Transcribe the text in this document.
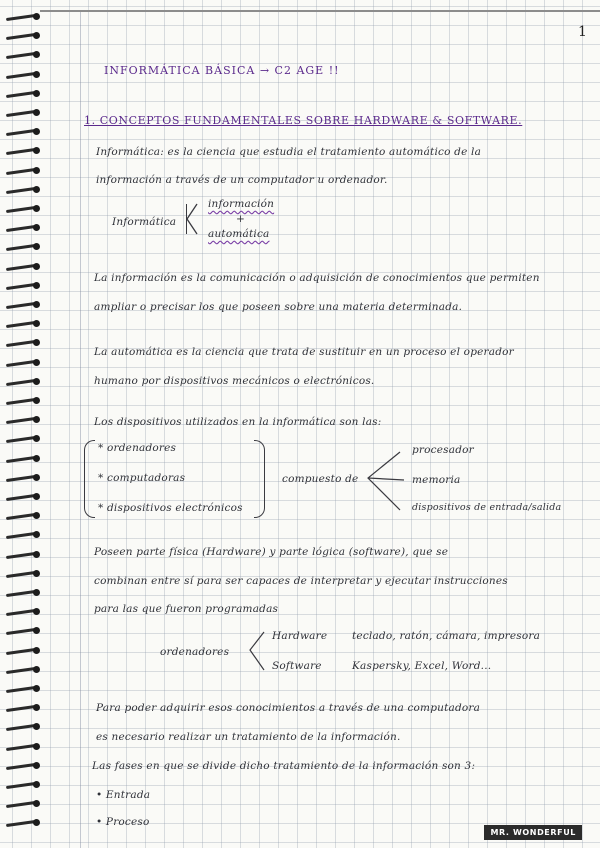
1
INFORMÁTICA BÁSICA → C2 AGE !!
1. CONCEPTOS FUNDAMENTALES SOBRE HARDWARE & SOFTWARE.
Informática: es la ciencia que estudia el tratamiento automático de la
información a través de un computador u ordenador.
Informática
información
+
automática
La información es la comunicación o adquisición de conocimientos que permiten
ampliar o precisar los que poseen sobre una materia determinada.
La automática es la ciencia que trata de sustituir en un proceso el operador
humano por dispositivos mecánicos o electrónicos.
Los dispositivos utilizados en la informática son las:
* ordenadores
* computadoras
* dispositivos electrónicos
compuesto de
procesador
memoria
dispositivos de entrada/salida
Poseen parte física (Hardware) y parte lógica (software), que se
combinan entre sí para ser capaces de interpretar y ejecutar instrucciones
para las que fueron programadas
ordenadores
Hardware teclado, ratón, cámara, impresora
Software	Kaspersky, Excel, Word...
Para poder adquirir esos conocimientos a través de una computadora
es necesario realizar un tratamiento de la información.
Las fases en que se divide dicho tratamiento de la información son 3:
• Entrada
• Proceso
MR. WONDERFUL
